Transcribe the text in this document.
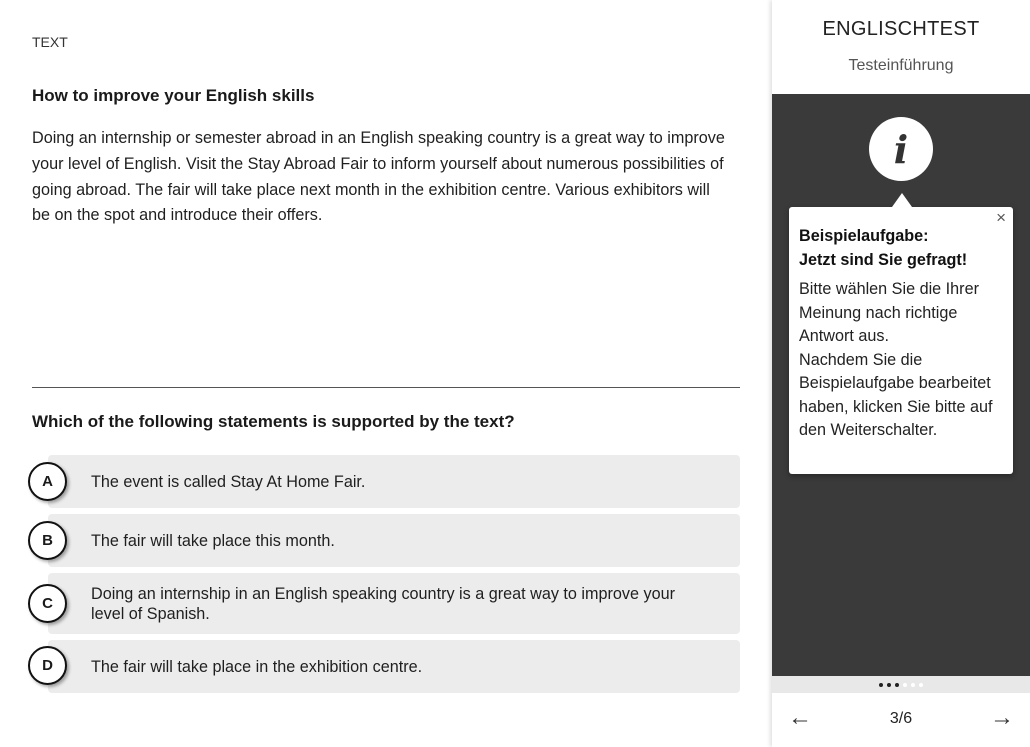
TEXT
How to improve your English skills
Doing an internship or semester abroad in an English speaking country is a great way to improve your level of English. Visit the Stay Abroad Fair to inform yourself about numerous possibilities of going abroad. The fair will take place next month in the exhibition centre. Various exhibitors will be on the spot and introduce their offers.
Which of the following statements is supported by the text?
The event is called Stay At Home Fair.
The fair will take place this month.
Doing an internship in an English speaking country is a great way to improve your level of Spanish.
The fair will take place in the exhibition centre.
A
B
C
D
ENGLISCHTEST
Testeinführung
i
×
Beispielaufgabe:
Jetzt sind Sie gefragt!
Bitte wählen Sie die Ihrer Meinung nach richtige Antwort aus.
Nachdem Sie die Beispielaufgabe bearbeitet haben, klicken Sie bitte auf den Weiterschalter.
←	3/6	→
